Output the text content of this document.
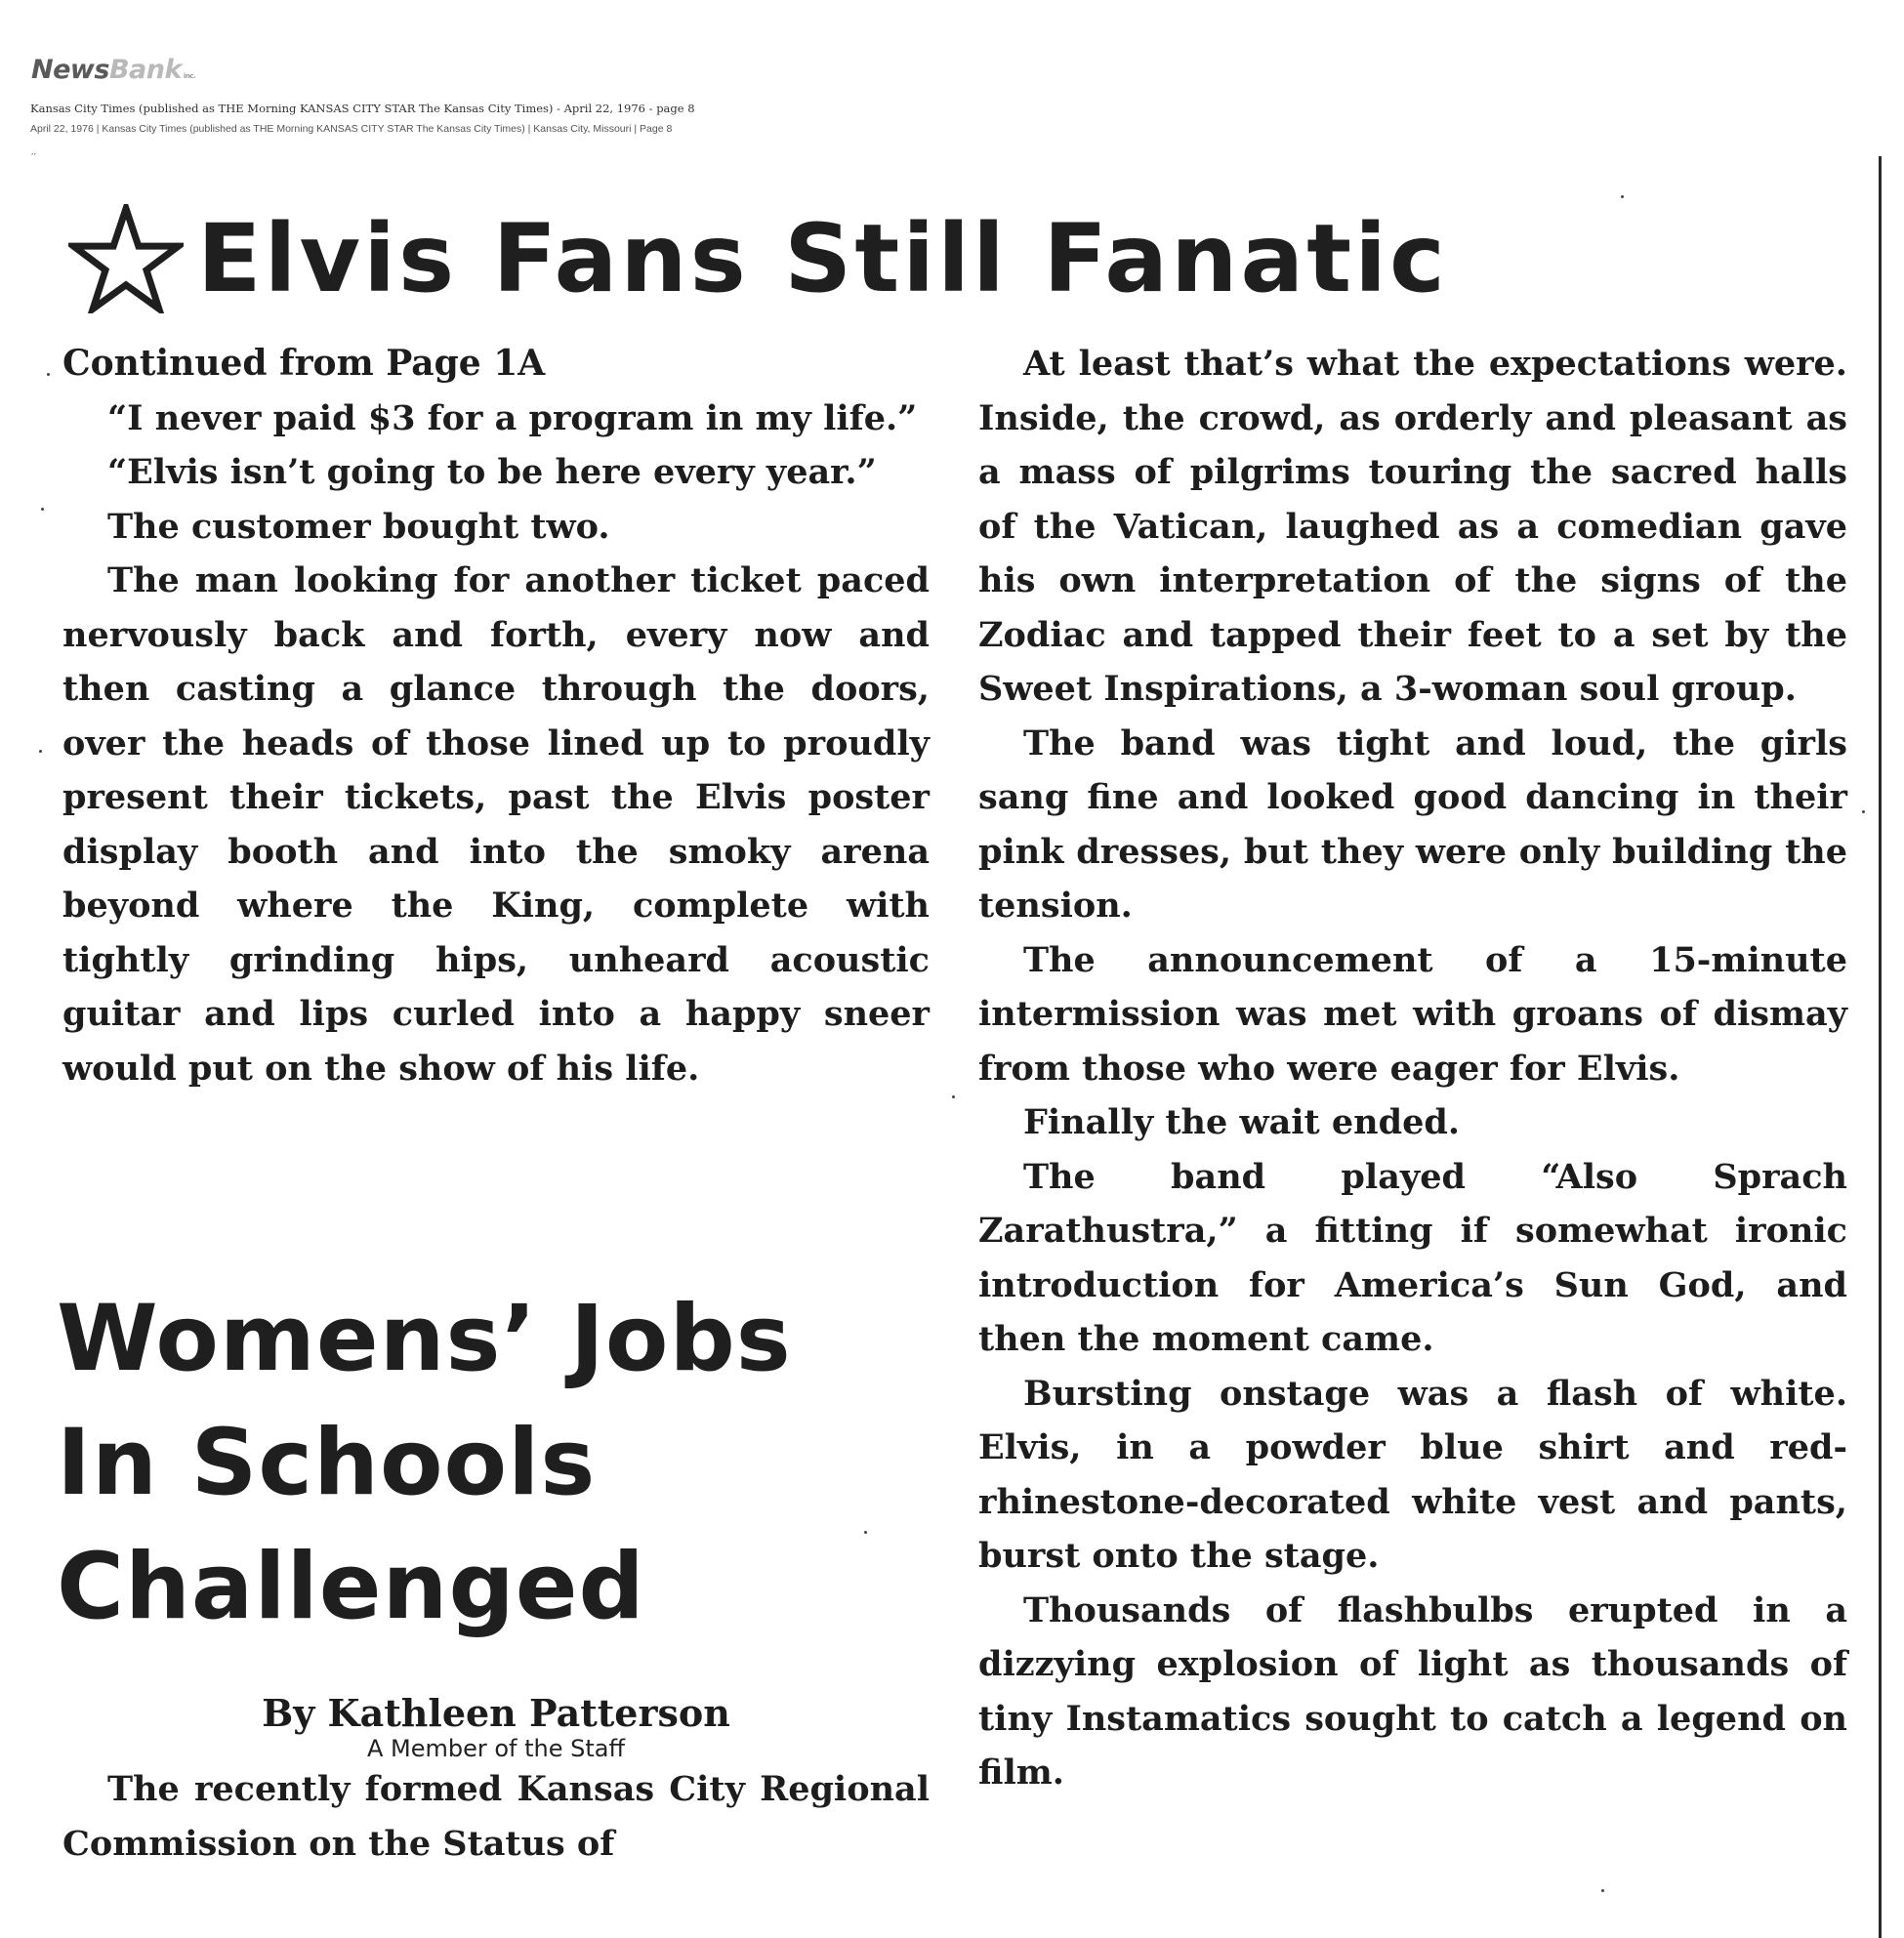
NewsBank inc.
Kansas City Times (published as THE Morning KANSAS CITY STAR The Kansas City Times) - April 22, 1976 - page 8
April 22, 1976 | Kansas City Times (published as THE Morning KANSAS CITY STAR The Kansas City Times) | Kansas City, Missouri | Page 8
′′
Elvis Fans Still Fanatic

Continued from Page 1A

“I never paid $3 for a program in my life.”

“Elvis isn’t going to be here every year.”

The customer bought two.

The man looking for another ticket paced nervously back and forth, every now and then casting a glance through the doors, over the heads of those lined up to proudly present their tickets, past the Elvis poster display booth and into the smoky arena beyond where the King, complete with tightly grinding hips, unheard acoustic guitar and lips curled into a happy sneer would put on the show of his life.

At least that’s what the expectations were. Inside, the crowd, as orderly and pleasant as a mass of pilgrims touring the sacred halls of the Vatican, laughed as a comedian gave his own interpretation of the signs of the Zodiac and tapped their feet to a set by the Sweet Inspirations, a 3-woman soul group.

The band was tight and loud, the girls sang fine and looked good dancing in their pink dresses, but they were only building the tension.

The announcement of a 15-minute intermission was met with groans of dismay from those who were eager for Elvis.

Finally the wait ended.

The band played “Also Sprach Zarathustra,” a fitting if somewhat ironic introduction for America’s Sun God, and then the moment came.

Bursting onstage was a flash of white. Elvis, in a powder blue shirt and red-rhinestone-decorated white vest and pants, burst onto the stage.

Thousands of flashbulbs erupted in a dizzying explosion of light as thousands of tiny Instamatics sought to catch a legend on film.

Womens’ Jobs
In Schools
Challenged
By Kathleen Patterson
A Member of the Staff

The recently formed Kansas City Regional Commission on the Status of
